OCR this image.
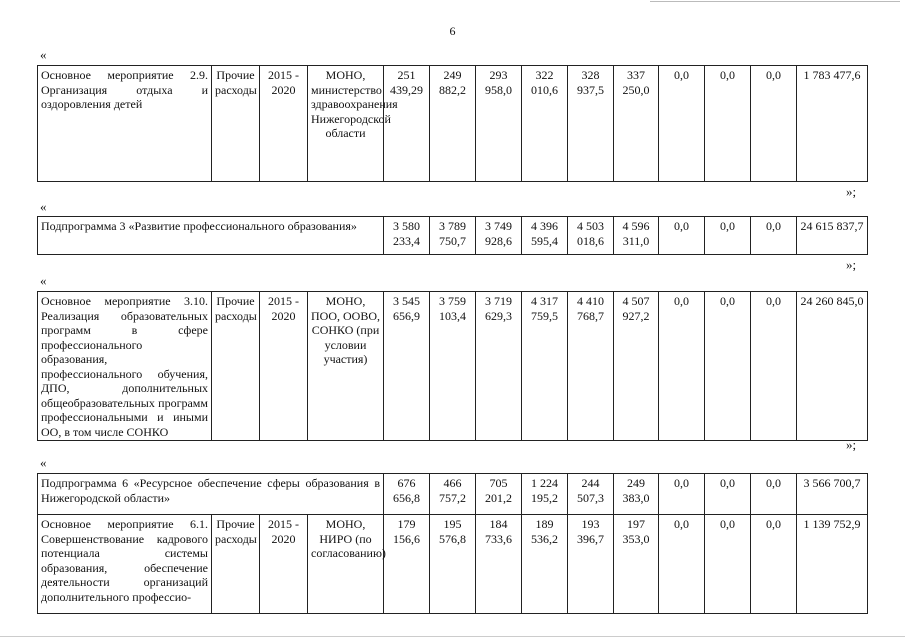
6
«
Основное мероприятие 2.9. Организация отдыха и оздоровления детей	Прочие расходы	2015 - 2020	МОНО, министерство здравоохранения Нижегородской области	251 439,29	249 882,2	293 958,0	322 010,6	328 937,5	337 250,0	0,0	0,0	0,0	1 783 477,6
»;
«
Подпрограмма 3 «Развитие профессионального образования»	3 580 233,4	3 789 750,7	3 749 928,6	4 396 595,4	4 503 018,6	4 596 311,0	0,0	0,0	0,0	24 615 837,7
»;
«
Основное мероприятие 3.10. Реализация образовательных программ в сфере профессионального образования, профессионального обучения, ДПО, дополнительных общеобразовательных программ профессиональными и иными ОО, в том числе СОНКО	Прочие расходы	2015 - 2020	МОНО, ПОО, ООВО, СОНКО (при условии участия)	3 545 656,9	3 759 103,4	3 719 629,3	4 317 759,5	4 410 768,7	4 507 927,2	0,0	0,0	0,0	24 260 845,0
»;
«
Подпрограмма 6 «Ресурсное обеспечение сферы образования в Нижегородской области»				676 656,8	466 757,2	705 201,2	1 224 195,2	244 507,3	249 383,0	0,0	0,0	0,0	3 566 700,7
Основное мероприятие 6.1. Совершенствование кадрового потенциала системы образования, обеспечение деятельности организаций дополнительного профессио-	Прочие расходы	2015 - 2020	МОНО, НИРО (по согласованию)	179 156,6	195 576,8	184 733,6	189 536,2	193 396,7	197 353,0	0,0	0,0	0,0	1 139 752,9
